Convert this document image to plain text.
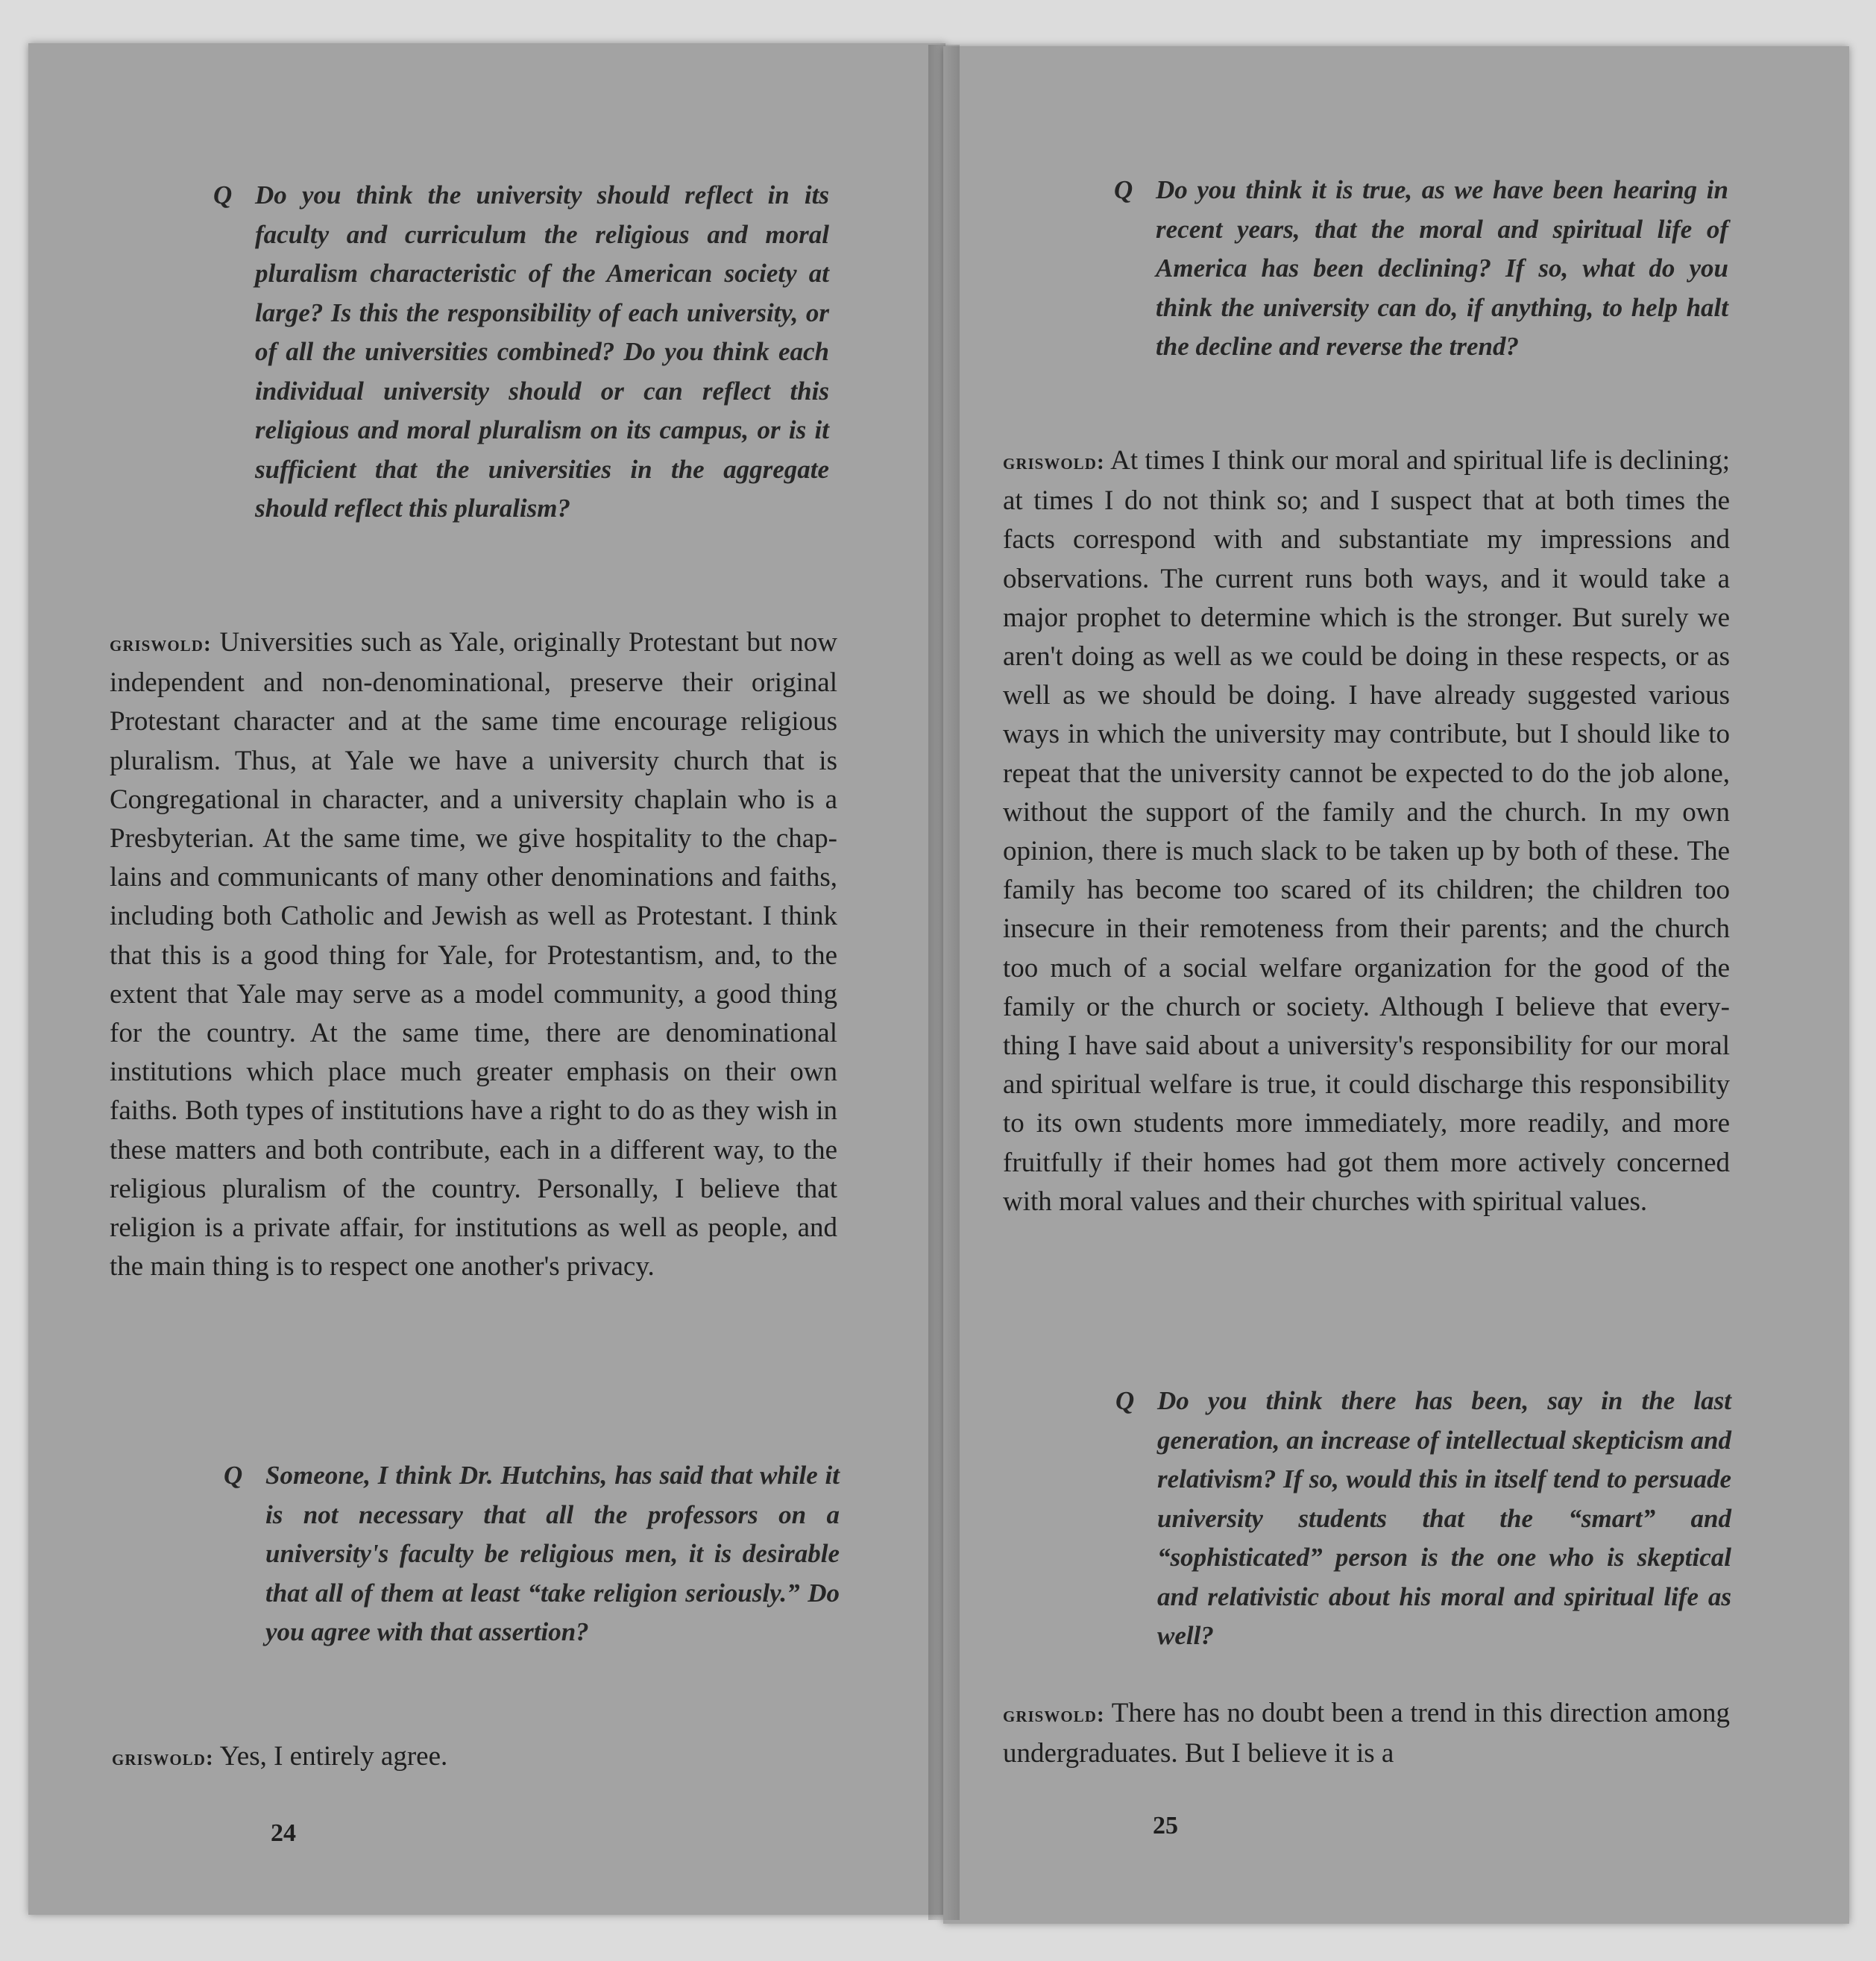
Q Do you think the university should reflect in its faculty and curriculum the religious and moral pluralism characteristic of the American society at large? Is this the responsibility of each university, or of all the universities combined? Do you think each individual university should or can reflect this religious and moral pluralism on its campus, or is it sufficient that the universities in the aggregate should reflect this pluralism?
griswold: Universities such as Yale, originally Protestant but now independent and non-denominational, preserve their original Protestant character and at the same time encourage religious pluralism. Thus, at Yale we have a university church that is Congregational in character, and a university chaplain who is a Presbyterian. At the same time, we give hospitality to the chaplains and communicants of many other denominations and faiths, including both Catholic and Jewish as well as Protestant. I think that this is a good thing for Yale, for Protestantism, and, to the extent that Yale may serve as a model community, a good thing for the country. At the same time, there are denominational institutions which place much greater emphasis on their own faiths. Both types of institutions have a right to do as they wish in these matters and both contribute, each in a different way, to the religious pluralism of the country. Personally, I believe that religion is a private affair, for institutions as well as people, and the main thing is to respect one another's privacy.
Q Someone, I think Dr. Hutchins, has said that while it is not necessary that all the professors on a university's faculty be religious men, it is desirable that all of them at least “take religion seriously.” Do you agree with that assertion?
griswold: Yes, I entirely agree.
24
Q Do you think it is true, as we have been hearing in recent years, that the moral and spiritual life of America has been declining? If so, what do you think the university can do, if anything, to help halt the decline and reverse the trend?
griswold: At times I think our moral and spiritual life is declining; at times I do not think so; and I suspect that at both times the facts correspond with and substantiate my impressions and observations. The current runs both ways, and it would take a major prophet to determine which is the stronger. But surely we aren't doing as well as we could be doing in these respects, or as well as we should be doing. I have already suggested various ways in which the university may contribute, but I should like to repeat that the university cannot be expected to do the job alone, without the support of the family and the church. In my own opinion, there is much slack to be taken up by both of these. The family has become too scared of its children; the children too insecure in their remoteness from their parents; and the church too much of a social welfare organization for the good of the family or the church or society. Although I believe that everything I have said about a university's responsibility for our moral and spiritual welfare is true, it could discharge this responsibility to its own students more immediately, more readily, and more fruitfully if their homes had got them more actively concerned with moral values and their churches with spiritual values.
Q Do you think there has been, say in the last generation, an increase of intellectual skepticism and relativism? If so, would this in itself tend to persuade university students that the “smart” and “sophisticated” person is the one who is skeptical and relativistic about his moral and spiritual life as well?
griswold: There has no doubt been a trend in this direction among undergraduates. But I believe it is a
25
